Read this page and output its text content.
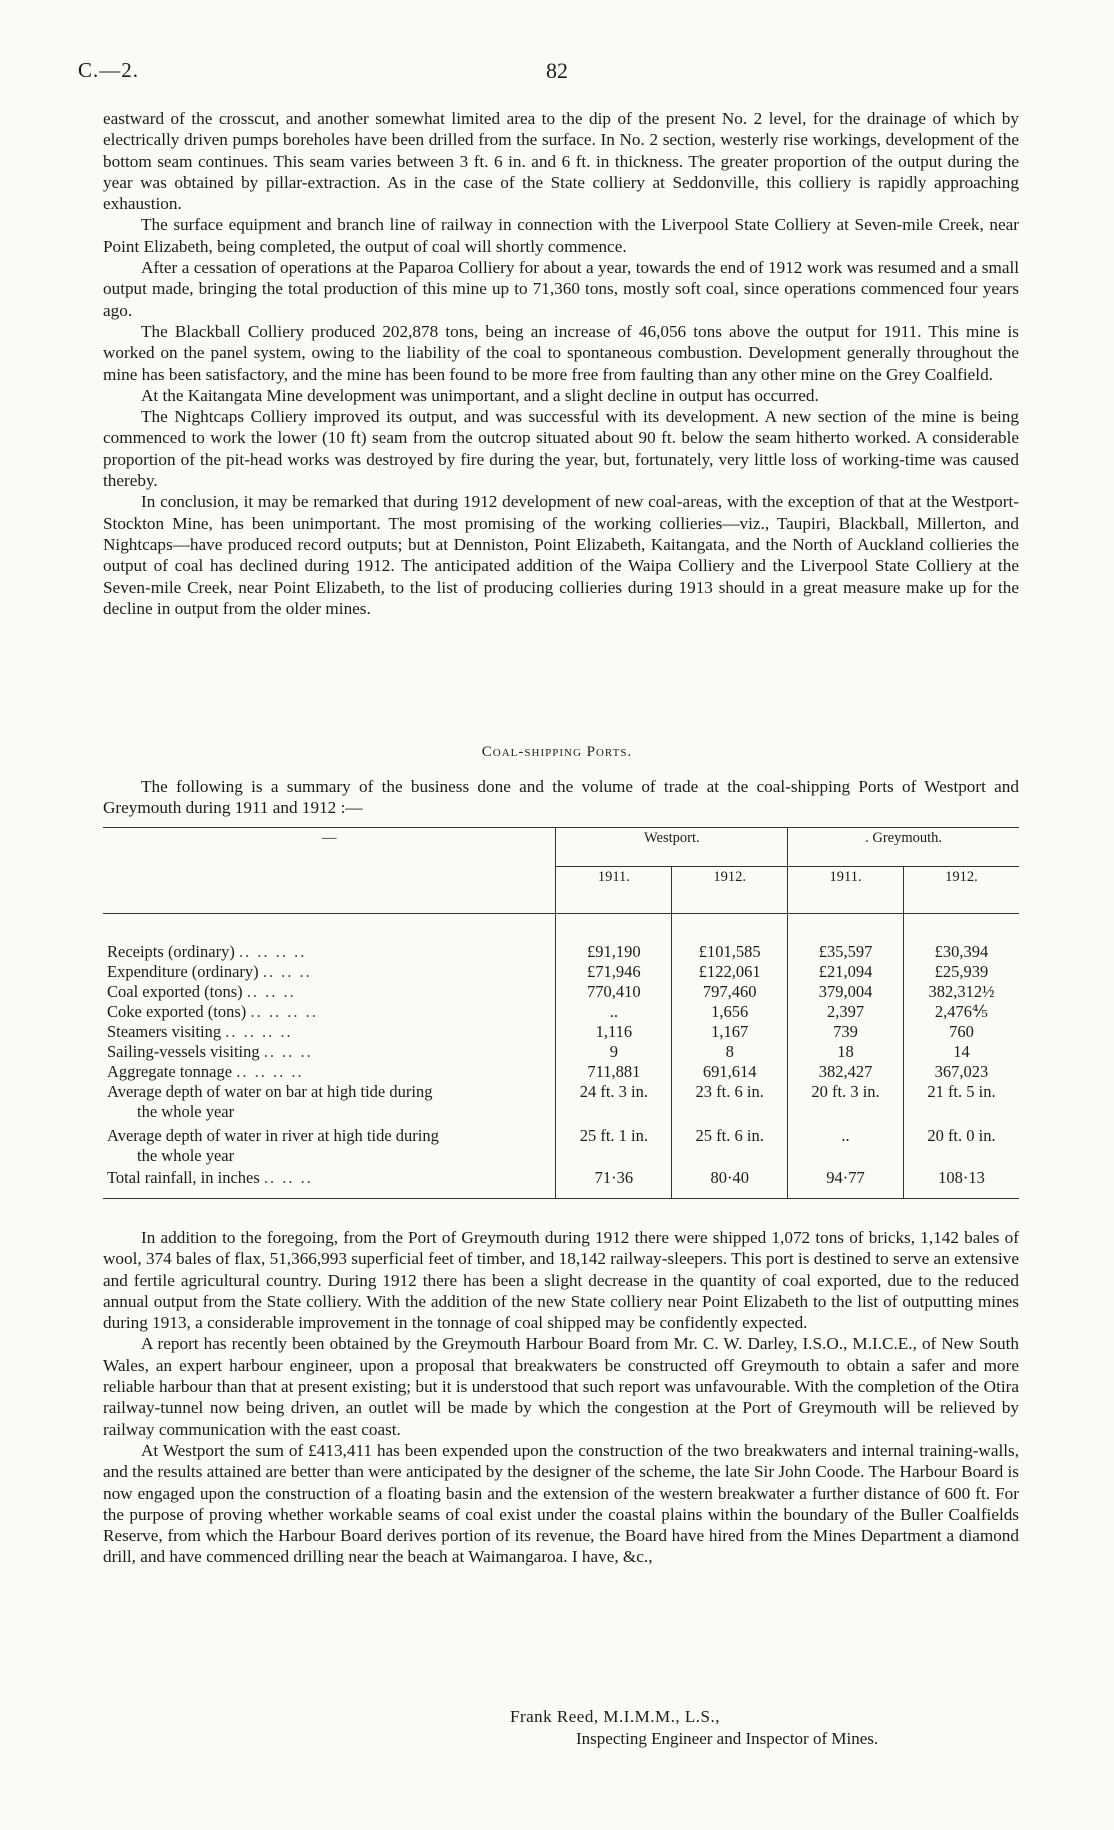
C.—2.	82

eastward of the crosscut, and another somewhat limited area to the dip of the present No. 2 level, for the drainage of which by electrically driven pumps boreholes have been drilled from the surface. In No. 2 section, westerly rise workings, development of the bottom seam continues. This seam varies between 3 ft. 6 in. and 6 ft. in thickness. The greater proportion of the output during the year was obtained by pillar-extraction. As in the case of the State colliery at Seddonville, this colliery is rapidly approaching exhaustion.

The surface equipment and branch line of railway in connection with the Liverpool State Colliery at Seven-mile Creek, near Point Elizabeth, being completed, the output of coal will shortly commence.

After a cessation of operations at the Paparoa Colliery for about a year, towards the end of 1912 work was resumed and a small output made, bringing the total production of this mine up to 71,360 tons, mostly soft coal, since operations commenced four years ago.

The Blackball Colliery produced 202,878 tons, being an increase of 46,056 tons above the output for 1911. This mine is worked on the panel system, owing to the liability of the coal to spontaneous combustion. Development generally throughout the mine has been satisfactory, and the mine has been found to be more free from faulting than any other mine on the Grey Coalfield.

At the Kaitangata Mine development was unimportant, and a slight decline in output has occurred.

The Nightcaps Colliery improved its output, and was successful with its development. A new section of the mine is being commenced to work the lower (10 ft) seam from the outcrop situated about 90 ft. below the seam hitherto worked. A considerable proportion of the pit-head works was destroyed by fire during the year, but, fortunately, very little loss of working-time was caused thereby.

In conclusion, it may be remarked that during 1912 development of new coal-areas, with the exception of that at the Westport-Stockton Mine, has been unimportant. The most promising of the working collieries—viz., Taupiri, Blackball, Millerton, and Nightcaps—have produced record outputs; but at Denniston, Point Elizabeth, Kaitangata, and the North of Auckland collieries the output of coal has declined during 1912. The anticipated addition of the Waipa Colliery and the Liverpool State Colliery at the Seven-mile Creek, near Point Elizabeth, to the list of producing collieries during 1913 should in a great measure make up for the decline in output from the older mines.

Coal-shipping Ports.

The following is a summary of the business done and the volume of trade at the coal-shipping Ports of Westport and Greymouth during 1911 and 1912 :—

—	Westport.		. Greymouth.	
	1911.	1912.	1911.	1912.

Receipts (ordinary) .. .. .. ..	£91,190	£101,585	£35,597	£30,394
Expenditure (ordinary) .. .. ..	£71,946	£122,061	£21,094	£25,939
Coal exported (tons) .. .. ..	770,410	797,460	379,004	382,312½
Coke exported (tons) .. .. .. ..	..	1,656	2,397	2,476⅘
Steamers visiting .. .. .. ..	1,116	1,167	739	760
Sailing-vessels visiting .. .. ..	9	8	18	14
Aggregate tonnage .. .. .. ..	711,881	691,614	382,427	367,023
Average depth of water on bar at high tide during
the whole year	24 ft. 3 in.	23 ft. 6 in.	20 ft. 3 in.	21 ft. 5 in.
Average depth of water in river at high tide during
the whole year	25 ft. 1 in.	25 ft. 6 in.	..	20 ft. 0 in.
Total rainfall, in inches .. .. ..	71·36	80·40	94·77	108·13

In addition to the foregoing, from the Port of Greymouth during 1912 there were shipped 1,072 tons of bricks, 1,142 bales of wool, 374 bales of flax, 51,366,993 superficial feet of timber, and 18,142 railway-sleepers. This port is destined to serve an extensive and fertile agricultural country. During 1912 there has been a slight decrease in the quantity of coal exported, due to the reduced annual output from the State colliery. With the addition of the new State colliery near Point Elizabeth to the list of outputting mines during 1913, a considerable improvement in the tonnage of coal shipped may be confidently expected.

A report has recently been obtained by the Greymouth Harbour Board from Mr. C. W. Darley, I.S.O., M.I.C.E., of New South Wales, an expert harbour engineer, upon a proposal that breakwaters be constructed off Greymouth to obtain a safer and more reliable harbour than that at present existing; but it is understood that such report was unfavourable. With the completion of the Otira railway-tunnel now being driven, an outlet will be made by which the congestion at the Port of Greymouth will be relieved by railway communication with the east coast.

At Westport the sum of £413,411 has been expended upon the construction of the two breakwaters and internal training-walls, and the results attained are better than were anticipated by the designer of the scheme, the late Sir John Coode. The Harbour Board is now engaged upon the construction of a floating basin and the extension of the western breakwater a further distance of 600 ft. For the purpose of proving whether workable seams of coal exist under the coastal plains within the boundary of the Buller Coalfields Reserve, from which the Harbour Board derives portion of its revenue, the Board have hired from the Mines Department a diamond drill, and have commenced drilling near the beach at Waimangaroa. I have, &c.,

Frank Reed, M.I.M.M., L.S.,
Inspecting Engineer and Inspector of Mines.
